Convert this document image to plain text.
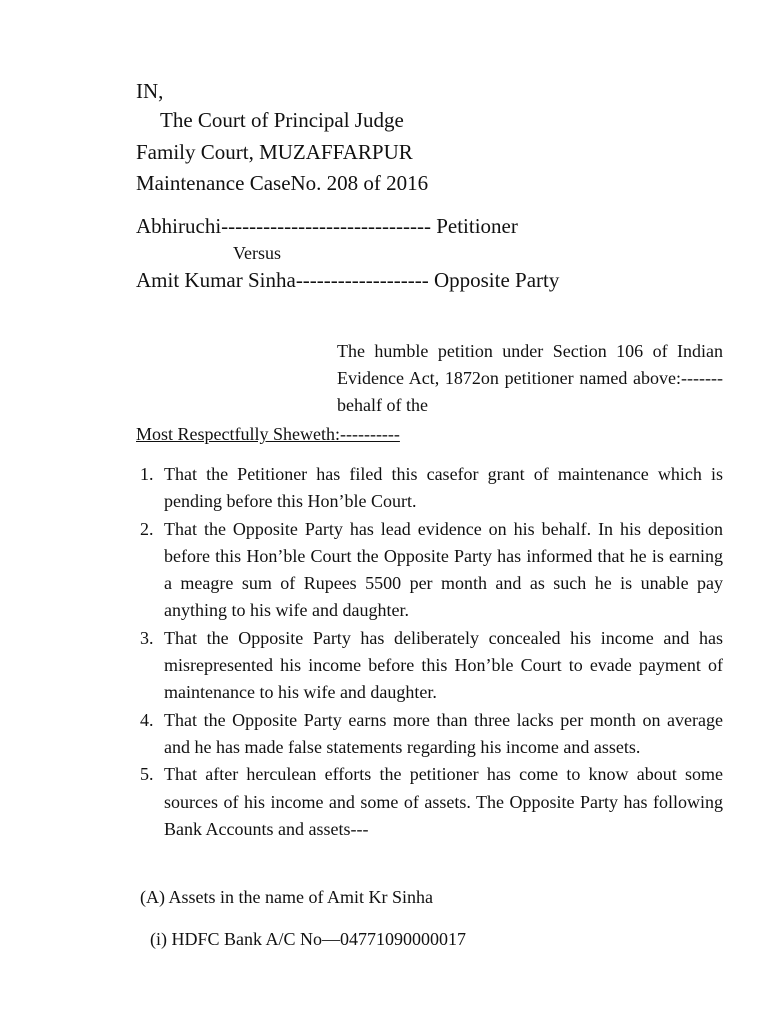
IN,
The Court of Principal Judge
Family Court, MUZAFFARPUR
Maintenance CaseNo. 208 of 2016
Abhiruchi------------------------------ Petitioner
Versus
Amit Kumar Sinha------------------- Opposite Party
The humble petition under Section 106 of Indian Evidence Act, 1872on petitioner named above:-------behalf of the
Most Respectfully Sheweth:----------
1. That the Petitioner has filed this casefor grant of maintenance which is pending before this Hon’ble Court.
2. That the Opposite Party has lead evidence on his behalf. In his deposition before this Hon’ble Court the Opposite Party has informed that he is earning a meagre sum of Rupees 5500 per month and as such he is unable pay anything to his wife and daughter.
3. That the Opposite Party has deliberately concealed his income and has misrepresented his income before this Hon’ble Court to evade payment of maintenance to his wife and daughter.
4. That the Opposite Party earns more than three lacks per month on average and he has made false statements regarding his income and assets.
5. That after herculean efforts the petitioner has come to know about some sources of his income and some of assets. The Opposite Party has following Bank Accounts and assets---
(A) Assets in the name of Amit Kr Sinha
(i) HDFC Bank A/C No—04771090000017
